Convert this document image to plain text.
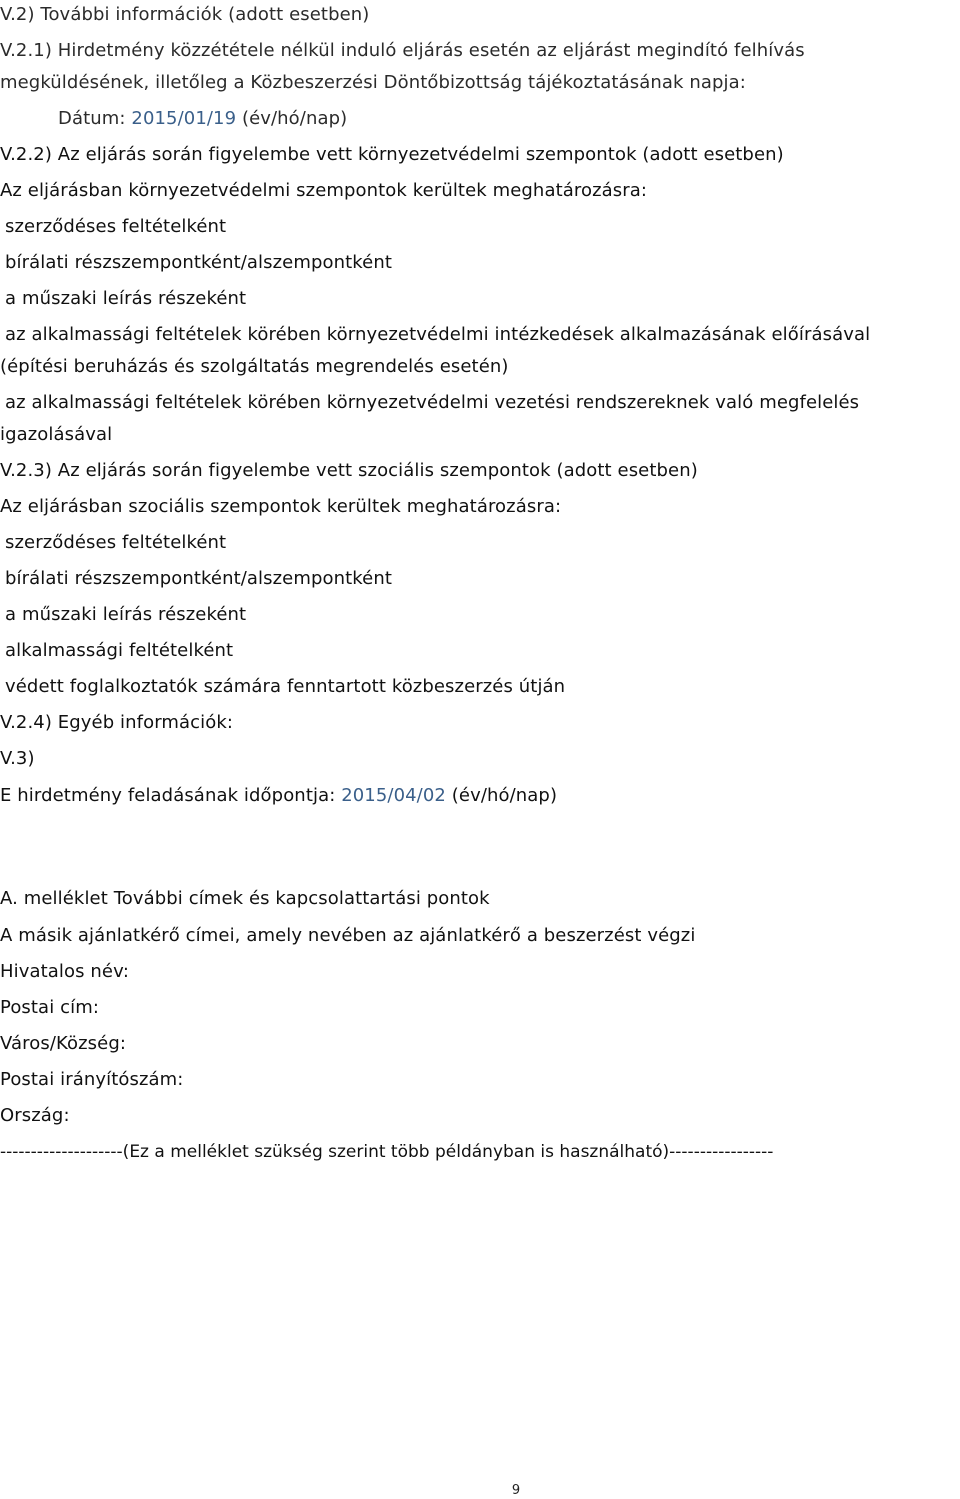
V.2) További információk (adott esetben)
V.2.1) Hirdetmény közzététele nélkül induló eljárás esetén az eljárást megindító felhívás
megküldésének, illetőleg a Közbeszerzési Döntőbizottság tájékoztatásának napja:
Dátum: 2015/01/19 (év/hó/nap)
V.2.2) Az eljárás során figyelembe vett környezetvédelmi szempontok (adott esetben)
Az eljárásban környezetvédelmi szempontok kerültek meghatározásra:
szerződéses feltételként
bírálati részszempontként/alszempontként
a műszaki leírás részeként
az alkalmassági feltételek körében környezetvédelmi intézkedések alkalmazásának előírásával
(építési beruházás és szolgáltatás megrendelés esetén)
az alkalmassági feltételek körében környezetvédelmi vezetési rendszereknek való megfelelés
igazolásával
V.2.3) Az eljárás során figyelembe vett szociális szempontok (adott esetben)
Az eljárásban szociális szempontok kerültek meghatározásra:
szerződéses feltételként
bírálati részszempontként/alszempontként
a műszaki leírás részeként
alkalmassági feltételként
védett foglalkoztatók számára fenntartott közbeszerzés útján
V.2.4) Egyéb információk:
V.3)
E hirdetmény feladásának időpontja: 2015/04/02 (év/hó/nap)
A. melléklet További címek és kapcsolattartási pontok
A másik ajánlatkérő címei, amely nevében az ajánlatkérő a beszerzést végzi
Hivatalos név:
Postai cím:
Város/Község:
Postai irányítószám:
Ország:
--------------------(Ez a melléklet szükség szerint több példányban is használható)-----------------
9
